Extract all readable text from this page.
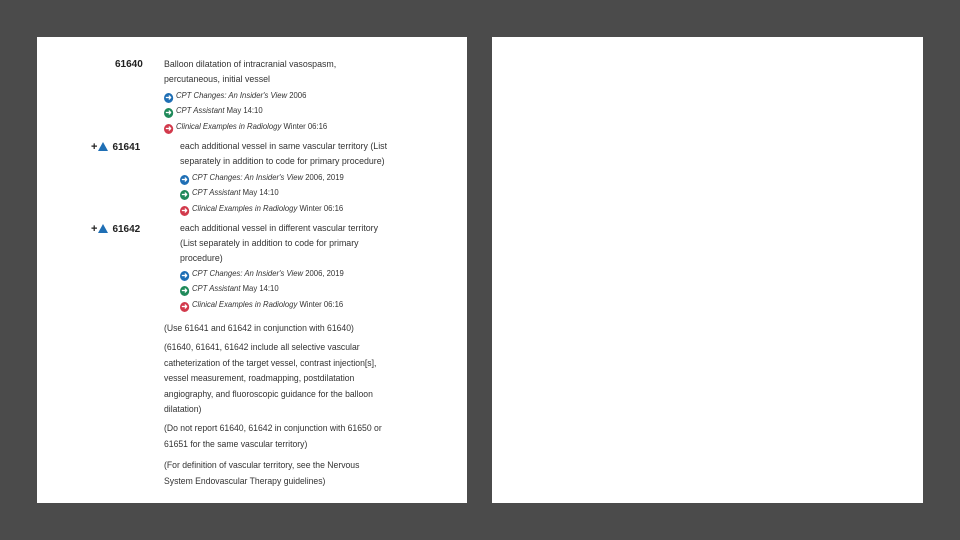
61640 Balloon dilatation of intracranial vasospasm,
percutaneous, initial vessel
➜ CPT Changes: An Insider's View 2006
➜ CPT Assistant May 14:10
➜ Clinical Examples in Radiology Winter 06:16
+ 61641	each additional vessel in same vascular territory (List
separately in addition to code for primary procedure)
➜ CPT Changes: An Insider's View 2006, 2019
➜ CPT Assistant May 14:10
➜ Clinical Examples in Radiology Winter 06:16
+ 61642	each additional vessel in different vascular territory
(List separately in addition to code for primary
procedure)
➜ CPT Changes: An Insider's View 2006, 2019
➜ CPT Assistant May 14:10
➜ Clinical Examples in Radiology Winter 06:16
(Use 61641 and 61642 in conjunction with 61640)
(61640, 61641, 61642 include all selective vascular
catheterization of the target vessel, contrast injection[s],
vessel measurement, roadmapping, postdilatation
angiography, and fluoroscopic guidance for the balloon
dilatation)
(Do not report 61640, 61642 in conjunction with 61650 or
61651 for the same vascular territory)
(For definition of vascular territory, see the Nervous
System Endovascular Therapy guidelines)
